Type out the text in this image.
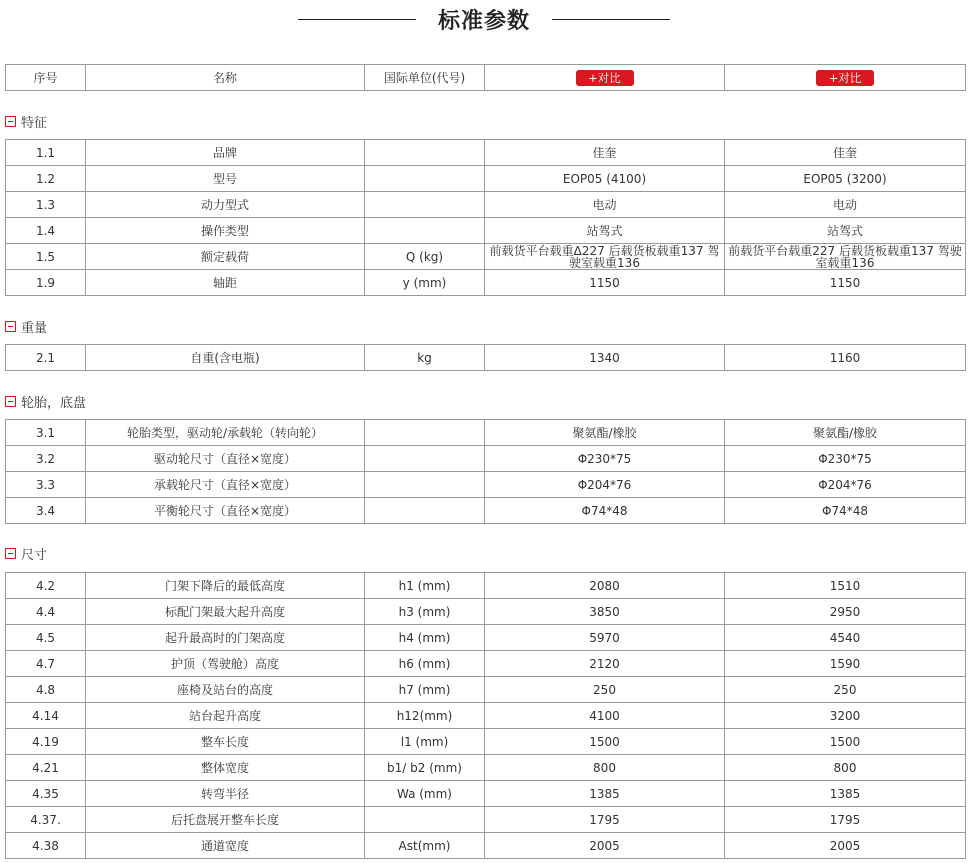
标准参数
序号	名称	国际单位(代号)	+对比	+对比
特征
1.1	品牌		佳奎	佳奎
1.2	型号		EOP05 (4100)	EOP05 (3200)
1.3	动力型式		电动	电动
1.4	操作类型		站驾式	站驾式
1.5	额定载荷	Q (kg)	前载货平台载重Δ227 后载货板载重137 驾驶室载重136	前载货平台载重227 后载货板载重137 驾驶室载重136
1.9	轴距	y (mm)	1150	1150
重量
2.1	自重(含电瓶)	kg	1340	1160
轮胎，底盘
3.1	轮胎类型，驱动轮/承载轮（转向轮）		聚氨酯/橡胶	聚氨酯/橡胶
3.2	驱动轮尺寸（直径×宽度）		Φ230*75	Φ230*75
3.3	承载轮尺寸（直径×宽度）		Φ204*76	Φ204*76
3.4	平衡轮尺寸（直径×宽度）		Φ74*48	Φ74*48
尺寸
4.2	门架下降后的最低高度	h1 (mm)	2080	1510
4.4	标配门架最大起升高度	h3 (mm)	3850	2950
4.5	起升最高时的门架高度	h4 (mm)	5970	4540
4.7	护顶（驾驶舱）高度	h6 (mm)	2120	1590
4.8	座椅及站台的高度	h7 (mm)	250	250
4.14	站台起升高度	h12(mm)	4100	3200
4.19	整车长度	l1 (mm)	1500	1500
4.21	整体宽度	b1/ b2 (mm)	800	800
4.35	转弯半径	Wa (mm)	1385	1385
4.37.	后托盘展开整车长度		1795	1795
4.38	通道宽度	Ast(mm)	2005	2005
